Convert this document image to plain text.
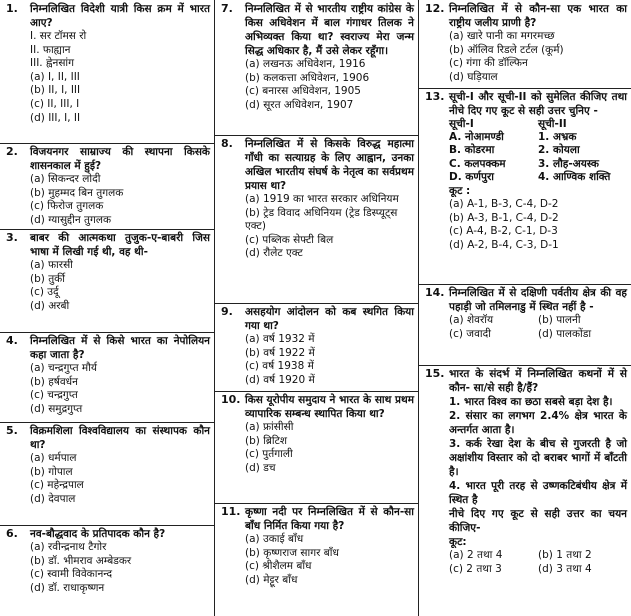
1. निम्नलिखित विदेशी यात्री किस क्रम में भारत आए?
I. सर टॉमस रो
II. फाह्यान
III. ह्वेनसांग
(a) I, II, III
(b) II, I, III
(c) II, III, I
(d) III, I, II
2. विजयनगर साम्राज्य की स्थापना किसके शासनकाल में हुई?
(a) सिकन्दर लोदी
(b) मुहम्मद बिन तुगलक
(c) फिरोज तुगलक
(d) ग्यासुद्दीन तुगलक
3. बाबर की आत्मकथा तुजुक-ए-बाबरी जिस भाषा में लिखी गई थी, वह थी-
(a) फारसी
(b) तुर्की
(c) उर्दू
(d) अरबी
4. निम्नलिखित में से किसे भारत का नेपोलियन कहा जाता है?
(a) चन्द्रगुप्त मौर्य
(b) हर्षवर्धन
(c) चन्द्रगुप्त
(d) समुद्रगुप्त
5. विक्रमशिला विश्वविद्यालय का संस्थापक कौन था?
(a) धर्मपाल
(b) गोपाल
(c) महेन्द्रपाल
(d) देवपाल
6. नव-बौद्धवाद के प्रतिपादक कौन है?
(a) रवीन्द्रनाथ टैगोर
(b) डॉ. भीमराव अम्बेडकर
(c) स्वामी विवेकानन्द
(d) डॉ. राधाकृष्णन
7. निम्नलिखित में से भारतीय राष्ट्रीय कांग्रेस के किस अधिवेशन में बाल गंगाधर तिलक ने अभिव्यक्त किया था? स्वराज्य मेरा जन्म सिद्ध अधिकार है, मैं उसे लेकर रहूँगा।
(a) लखनऊ अधिवेशन, 1916
(b) कलकत्ता अधिवेशन, 1906
(c) बनारस अधिवेशन, 1905
(d) सूरत अधिवेशन, 1907
8. निम्नलिखित में से किसके विरुद्ध महात्मा गाँधी का सत्याग्रह के लिए आह्वान, उनका अखिल भारतीय संघर्ष के नेतृत्व का सर्वप्रथम प्रयास था?
(a) 1919 का भारत सरकार अधिनियम
(b) ट्रेड विवाद अधिनियम (ट्रेड डिस्प्यूट्स एक्ट)
(c) पब्लिक सेफ्टी बिल
(d) रौलेट एक्ट
9. असहयोग आंदोलन को कब स्थगित किया गया था?
(a) वर्ष 1932 में
(b) वर्ष 1922 में
(c) वर्ष 1938 में
(d) वर्ष 1920 में
10. किस यूरोपीय समुदाय ने भारत के साथ प्रथम व्यापारिक सम्बन्ध स्थापित किया था?
(a) फ्रांसीसी
(b) ब्रिटिश
(c) पुर्तगाली
(d) डच
11. कृष्णा नदी पर निम्नलिखित में से कौन-सा बाँध निर्मित किया गया है?
(a) उकाई बाँध
(b) कृष्णराज सागर बाँध
(c) श्रीशैलम बाँध
(d) मेट्टूर बाँध
12. निम्नलिखित में से कौन-सा एक भारत का राष्ट्रीय जलीय प्राणी है?
(a) खारे पानी का मगरमच्छ
(b) ऑलिव रिडले टर्टल (कूर्म)
(c) गंगा की डॉल्फिन
(d) घड़ियाल
13. सूची-I और सूची-II को सुमेलित कीजिए तथा नीचे दिए गए कूट से सही उत्तर चुनिए -
सूची-I	सूची-II
A. नोआमण्डी	1. अभ्रक
B. कोडरमा	2. कोयला
C. कलपक्कम	3. लौह-अयस्क
D. कर्णपुरा	4. आण्विक शक्ति
कूट :
(a) A-1, B-3, C-4, D-2
(b) A-3, B-1, C-4, D-2
(c) A-4, B-2, C-1, D-3
(d) A-2, B-4, C-3, D-1
14. निम्नलिखित में से दक्षिणी पर्वतीय क्षेत्र की वह पहाड़ी जो तमिलनाडु में स्थित नहीं है -
(a) शेवरॉय	(b) पालनी
(c) जवादी	(d) पालकोंडा
15. भारत के संदर्भ में निम्नलिखित कथनों में से कौन- सा/से सही है/हैं?
1. भारत विश्व का छठा सबसे बड़ा देश है।
2. संसार का लगभग 2.4% क्षेत्र भारत के अन्तर्गत आता है।
3. कर्क रेखा देश के बीच से गुजरती है जो अक्षांशीय विस्तार को दो बराबर भागों में बाँटती है।
4. भारत पूरी तरह से उष्णकटिबंधीय क्षेत्र में स्थित है
नीचे दिए गए कूट से सही उत्तर का चयन कीजिए-
कूट:
(a) 2 तथा 4	(b) 1 तथा 2
(c) 2 तथा 3	(d) 3 तथा 4
